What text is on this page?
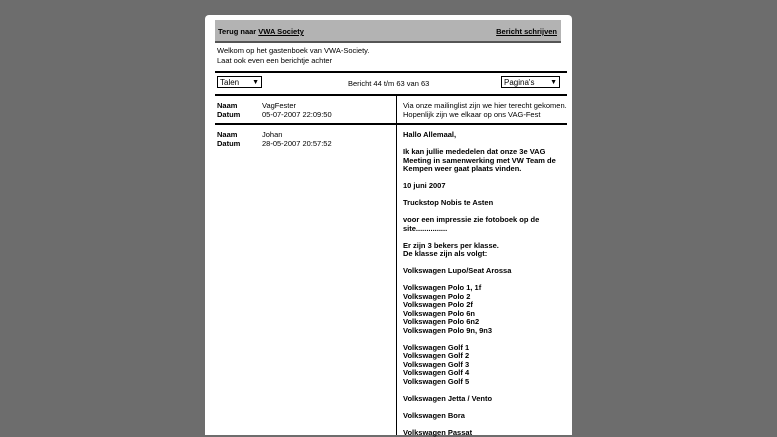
Terug naar VWA Society	Bericht schrijven
Welkom op het gastenboek van VWA-Society.
Laat ook even een berichtje achter
Talen ▼	Bericht 44 t/m 63 van 63	Pagina's ▼
Naam	VagFester
Datum	05-07-2007 22:09:50
Via onze mailinglist zijn we hier terecht gekomen.
Hopenlijk zijn we elkaar op ons VAG-Fest
Naam	Johan
Datum	28-05-2007 20:57:52
Hallo Allemaal,

Ik kan jullie mededelen dat onze 3e VAG Meeting in samenwerking met VW Team de Kempen weer gaat plaats vinden.

10 juni 2007

Truckstop Nobis te Asten

voor een impressie zie fotoboek op de site...............

Er zijn 3 bekers per klasse.
De klasse zijn als volgt:

Volkswagen Lupo/Seat Arossa

Volkswagen Polo 1, 1f
Volkswagen Polo 2
Volkswagen Polo 2f
Volkswagen Polo 6n
Volkswagen Polo 6n2
Volkswagen Polo 9n, 9n3

Volkswagen Golf 1
Volkswagen Golf 2
Volkswagen Golf 3
Volkswagen Golf 4
Volkswagen Golf 5

Volkswagen Jetta / Vento

Volkswagen Bora

Volkswagen Passat
